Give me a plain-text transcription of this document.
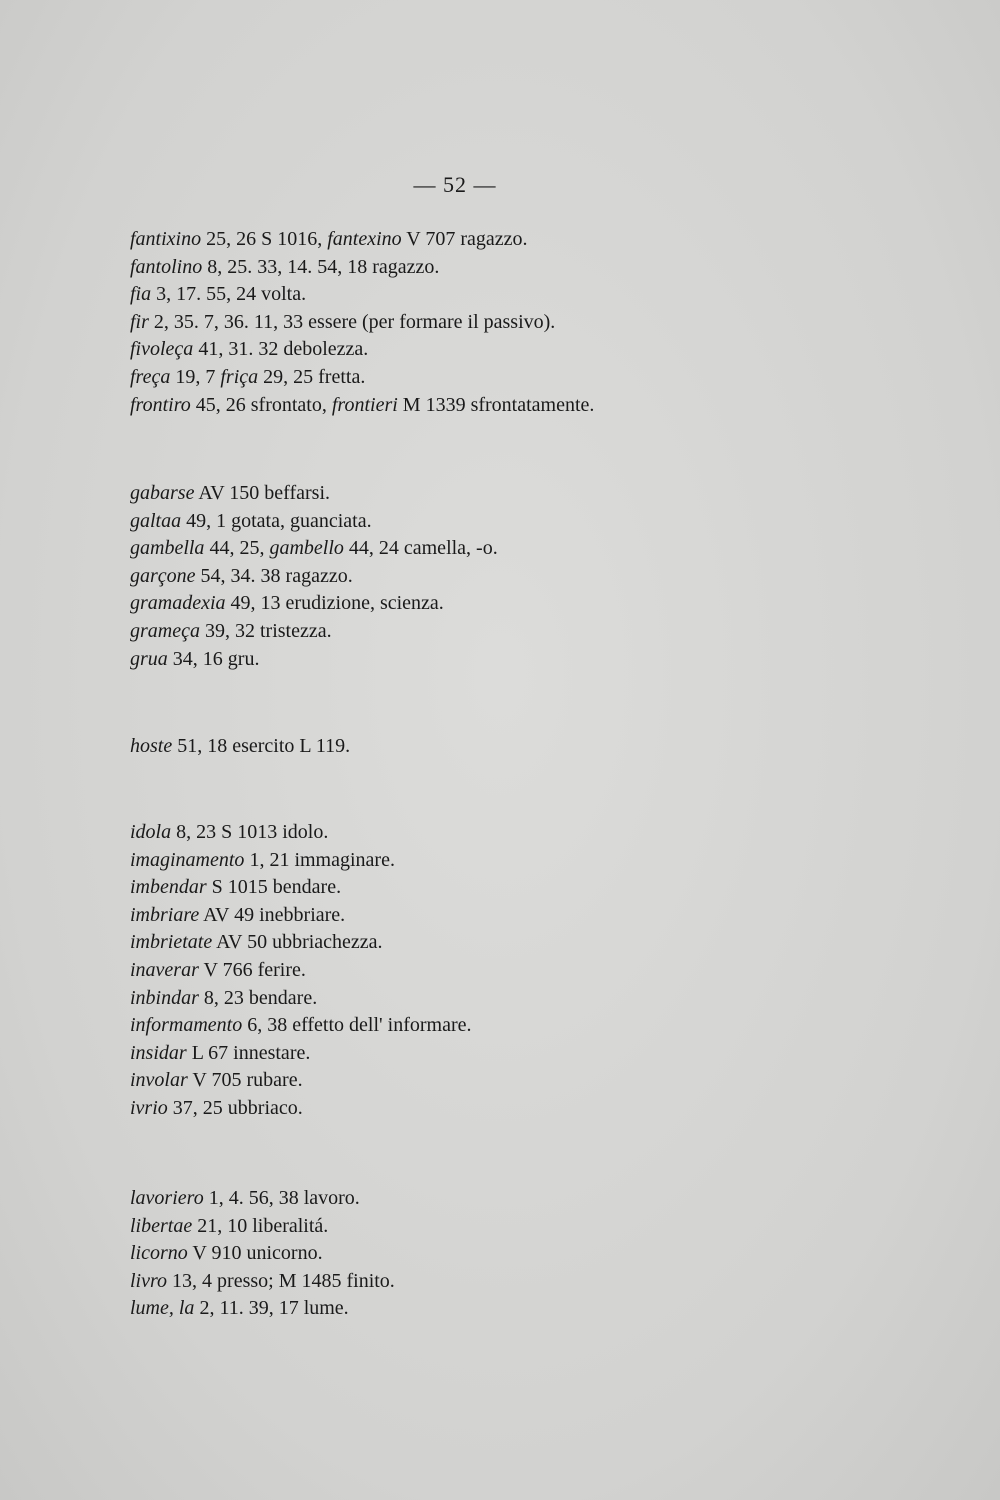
— 52 —
fantixino 25, 26 S 1016, fantexino V 707 ragazzo.
fantolino 8, 25. 33, 14. 54, 18 ragazzo.
fia 3, 17. 55, 24 volta.
fir 2, 35. 7, 36. 11, 33 essere (per formare il passivo).
fivoleça 41, 31. 32 debolezza.
freça 19, 7 friça 29, 25 fretta.
frontiro 45, 26 sfrontato, frontieri M 1339 sfrontatamente.
gabarse AV 150 beffarsi.
galtaa 49, 1 gotata, guanciata.
gambella 44, 25, gambello 44, 24 camella, -o.
garçone 54, 34. 38 ragazzo.
gramadexia 49, 13 erudizione, scienza.
grameça 39, 32 tristezza.
grua 34, 16 gru.
hoste 51, 18 esercito L 119.
idola 8, 23 S 1013 idolo.
imaginamento 1, 21 immaginare.
imbendar S 1015 bendare.
imbriare AV 49 inebbriare.
imbrietate AV 50 ubbriachezza.
inaverar V 766 ferire.
inbindar 8, 23 bendare.
informamento 6, 38 effetto dell' informare.
insidar L 67 innestare.
involar V 705 rubare.
ivrio 37, 25 ubbriaco.
lavoriero 1, 4. 56, 38 lavoro.
libertae 21, 10 liberalitá.
licorno V 910 unicorno.
livro 13, 4 presso; M 1485 finito.
lume, la 2, 11. 39, 17 lume.
